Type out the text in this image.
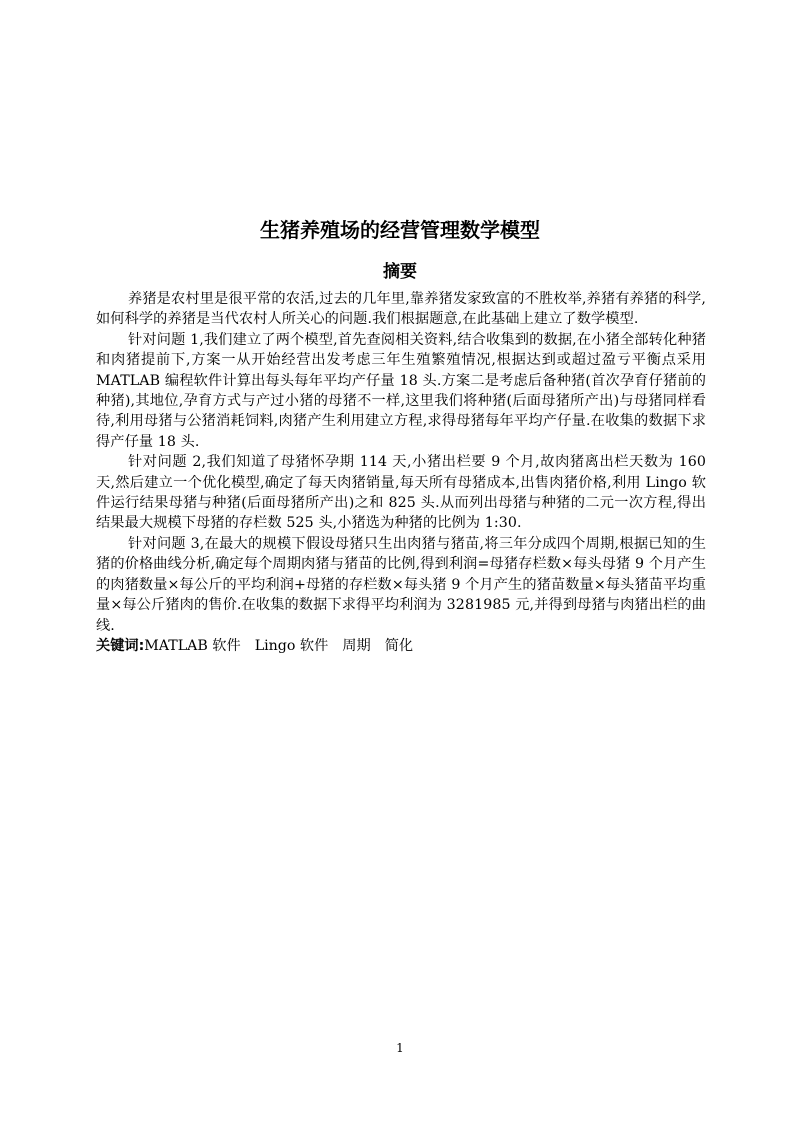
生猪养殖场的经营管理数学模型
摘要

养猪是农村里是很平常的农活,过去的几年里,靠养猪发家致富的不胜枚举,养猪有养猪的科学,如何科学的养猪是当代农村人所关心的问题.我们根据题意,在此基础上建立了数学模型.

针对问题 1,我们建立了两个模型,首先查阅相关资料,结合收集到的数据,在小猪全部转化种猪和肉猪提前下,方案一从开始经营出发考虑三年生殖繁殖情况,根据达到或超过盈亏平衡点采用 MATLAB 编程软件计算出每头每年平均产仔量 18 头.方案二是考虑后备种猪(首次孕育仔猪前的种猪),其地位,孕育方式与产过小猪的母猪不一样,这里我们将种猪(后面母猪所产出)与母猪同样看待,利用母猪与公猪消耗饲料,肉猪产生利用建立方程,求得母猪每年平均产仔量.在收集的数据下求得产仔量 18 头.

针对问题 2,我们知道了母猪怀孕期 114 天,小猪出栏要 9 个月,故肉猪离出栏天数为 160 天,然后建立一个优化模型,确定了每天肉猪销量,每天所有母猪成本,出售肉猪价格,利用 Lingo 软件运行结果母猪与种猪(后面母猪所产出)之和 825 头.从而列出母猪与种猪的二元一次方程,得出结果最大规模下母猪的存栏数 525 头,小猪选为种猪的比例为 1:30.

针对问题 3,在最大的规模下假设母猪只生出肉猪与猪苗,将三年分成四个周期,根据已知的生猪的价格曲线分析,确定每个周期肉猪与猪苗的比例,得到利润=母猪存栏数×每头母猪 9 个月产生的肉猪数量×每公斤的平均利润+母猪的存栏数×每头猪 9 个月产生的猪苗数量×每头猪苗平均重量×每公斤猪肉的售价.在收集的数据下求得平均利润为 3281985 元,并得到母猪与肉猪出栏的曲线.

关键词:MATLAB 软件 Lingo 软件 周期 简化

1
